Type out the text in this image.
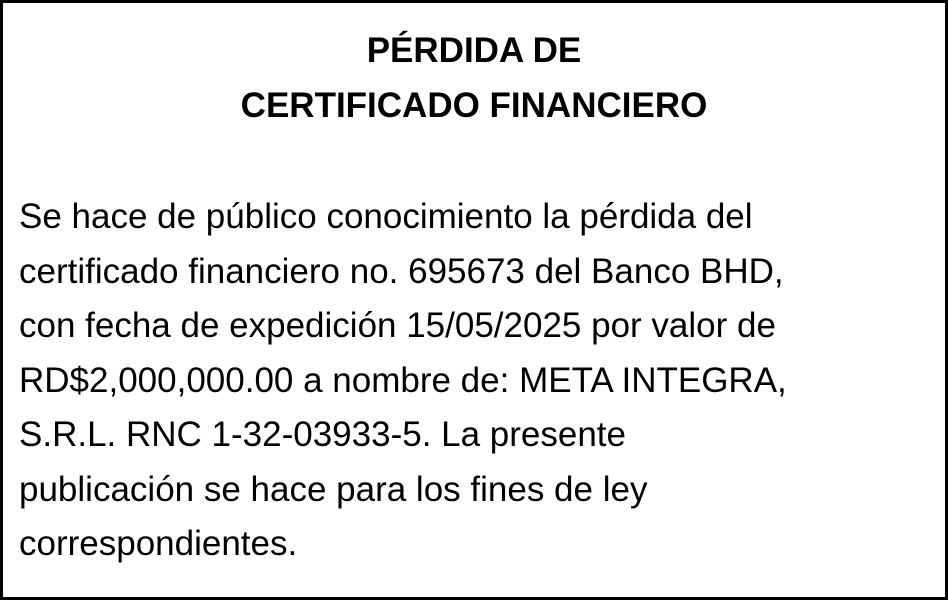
PÉRDIDA DE
CERTIFICADO FINANCIERO

Se hace de público conocimiento la pérdida del
certificado financiero no. 695673 del Banco BHD,
con fecha de expedición 15/05/2025 por valor de
RD$2,000,000.00 a nombre de: META INTEGRA,
S.R.L. RNC 1-32-03933-5. La presente
publicación se hace para los fines de ley
correspondientes.
